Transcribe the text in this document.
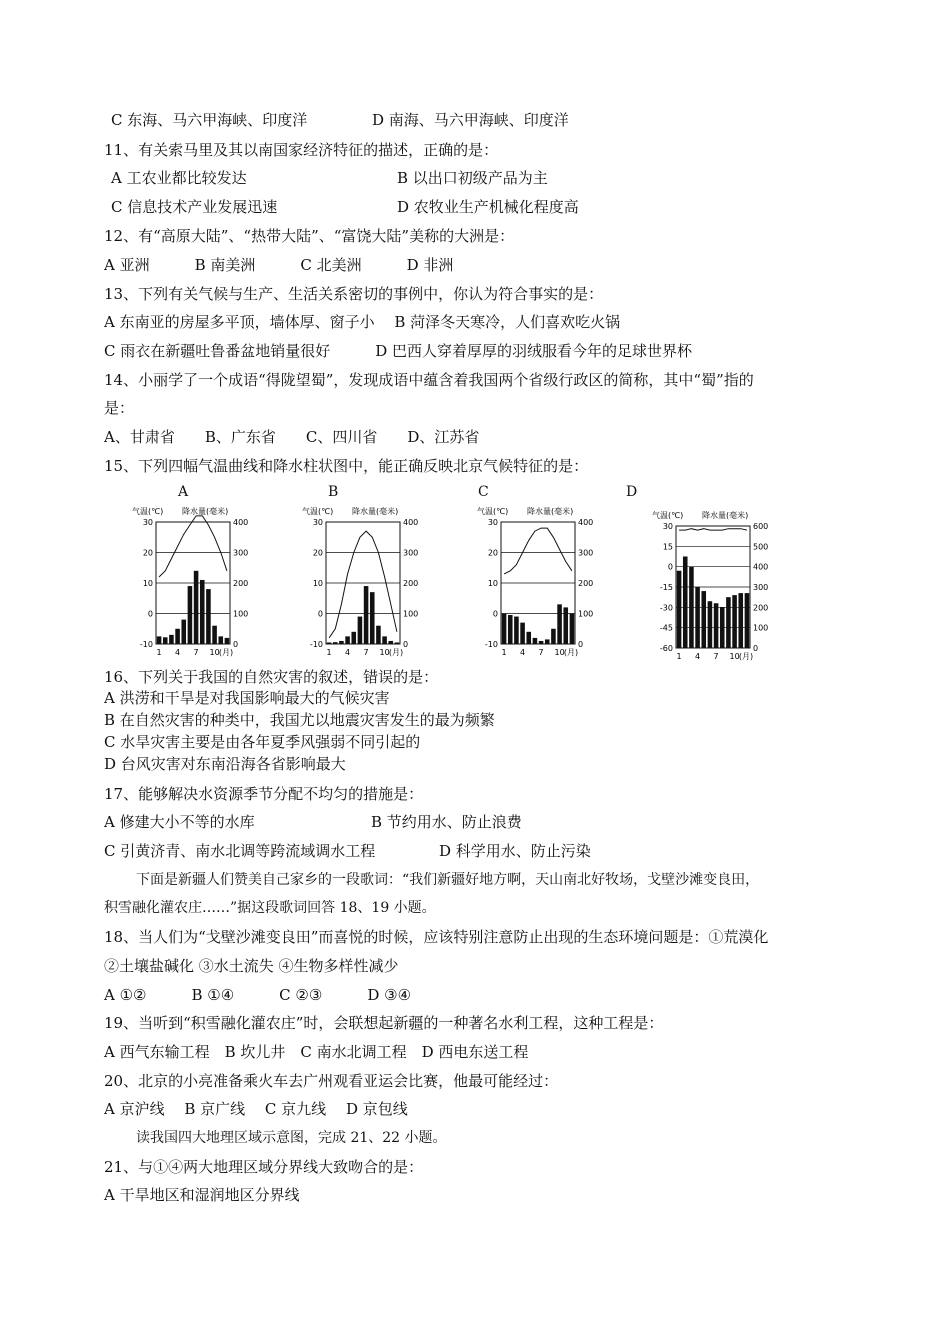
C 东海、马六甲海峡、印度洋	D 南海、马六甲海峡、印度洋
11、有关索马里及其以南国家经济特征的描述，正确的是：
A 工农业都比较发达	B 以出口初级产品为主
C 信息技术产业发展迅速	D 农牧业生产机械化程度高
12、有“高原大陆”、“热带大陆”、“富饶大陆”美称的大洲是：
A 亚洲　　　B 南美洲　　　C 北美洲　　　D 非洲
13、下列有关气候与生产、生活关系密切的事例中，你认为符合事实的是：
A 东南亚的房屋多平顶，墙体厚、窗子小　 B 菏泽冬天寒冷，人们喜欢吃火锅
C 雨衣在新疆吐鲁番盆地销量很好　　　D 巴西人穿着厚厚的羽绒服看今年的足球世界杯
14、小丽学了一个成语“得陇望蜀”，发现成语中蕴含着我国两个省级行政区的简称，其中“蜀”指的
是：
A、甘肃省　　B、广东省　　C、四川省　　D、江苏省
15、下列四幅气温曲线和降水柱状图中，能正确反映北京气候特征的是：
A	B	C	D
气温(℃) 降水量(毫米)
-10
0
10
20
30
0
100
200
300
400
1 4 7 10 (月)
气温(℃) 降水量(毫米)
-10
0
10
20
30
0
100
200
300
400
1 4 7 10 (月)
气温(℃) 降水量(毫米)
-10
0
10
20
30
0
100
200
300
400
1 4 7 10 (月)
气温(℃) 降水量(毫米)
-60
-45
-30
-15
0
15
30
0
100
200
300
400
500
600
1 4 7 10 (月)
16、下列关于我国的自然灾害的叙述，错误的是：
A 洪涝和干旱是对我国影响最大的气候灾害
B 在自然灾害的种类中，我国尤以地震灾害发生的最为频繁
C 水旱灾害主要是由各年夏季风强弱不同引起的
D 台风灾害对东南沿海各省影响最大
17、能够解决水资源季节分配不均匀的措施是：
A 修建大小不等的水库	B 节约用水、防止浪费
C 引黄济青、南水北调等跨流域调水工程	D 科学用水、防止污染
下面是新疆人们赞美自己家乡的一段歌词：“我们新疆好地方啊，天山南北好牧场，戈壁沙滩变良田，
积雪融化灌农庄……”据这段歌词回答 18、19 小题。
18、当人们为“戈壁沙滩变良田”而喜悦的时候，应该特别注意防止出现的生态环境问题是：①荒漠化
②土壤盐碱化 ③水土流失 ④生物多样性减少
A ①②　　　B ①④　　　C ②③　　　D ③④
19、当听到“积雪融化灌农庄”时，会联想起新疆的一种著名水利工程，这种工程是：
A 西气东输工程　B 坎儿井　C 南水北调工程　D 西电东送工程
20、北京的小亮准备乘火车去广州观看亚运会比赛，他最可能经过：
A 京沪线　 B 京广线　 C 京九线　 D 京包线
读我国四大地理区域示意图，完成 21、22 小题。
21、与①④两大地理区域分界线大致吻合的是：
A 干旱地区和湿润地区分界线
